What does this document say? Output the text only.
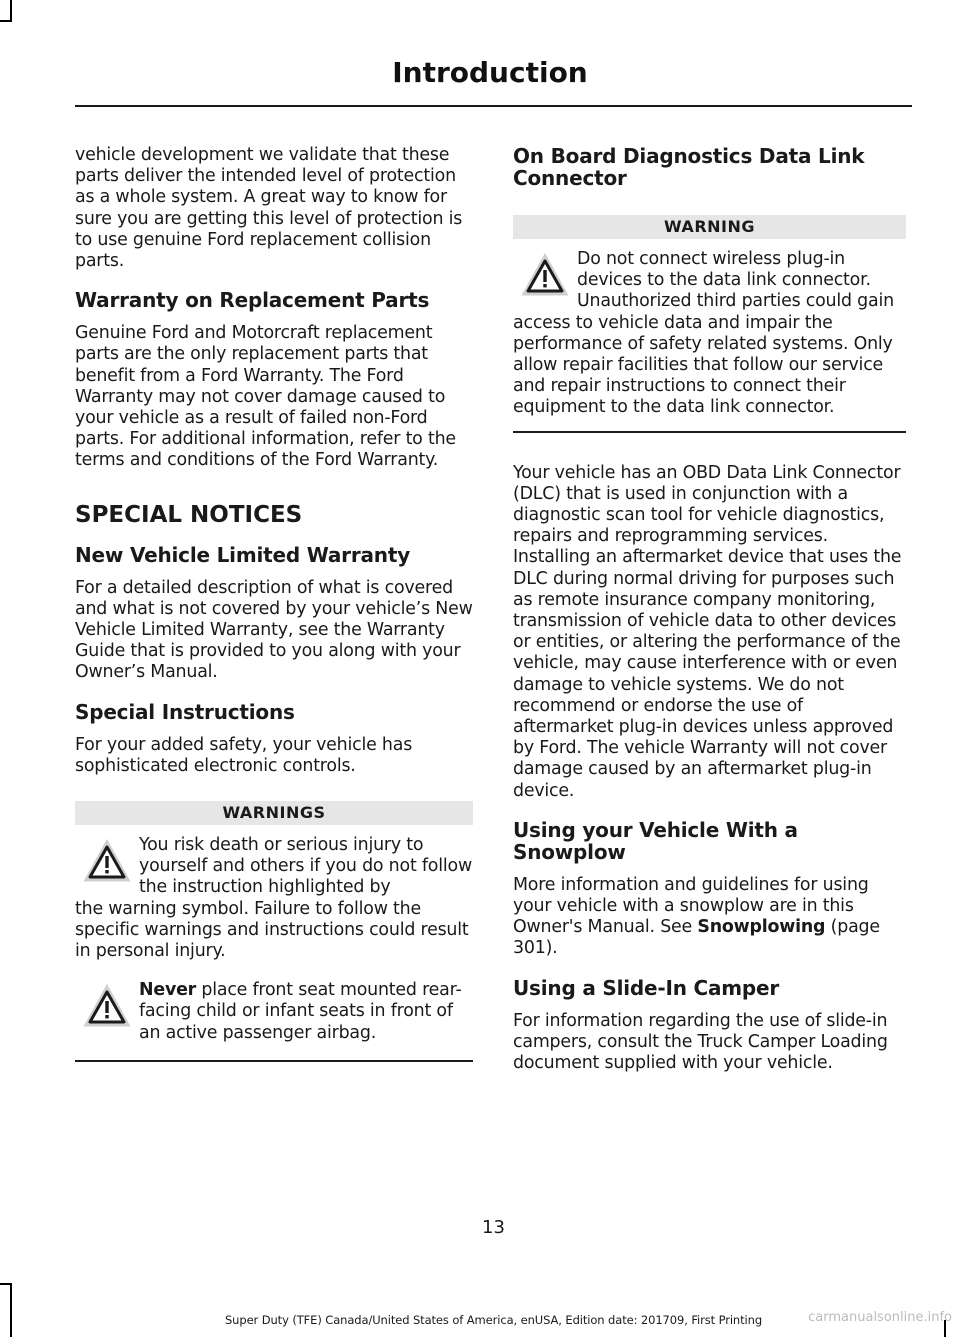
Introduction

vehicle development we validate that these parts deliver the intended level of protection as a whole system. A great way to know for sure you are getting this level of protection is to use genuine Ford replacement collision parts.

Warranty on Replacement Parts

Genuine Ford and Motorcraft replacement parts are the only replacement parts that benefit from a Ford Warranty. The Ford Warranty may not cover damage caused to your vehicle as a result of failed non-Ford parts. For additional information, refer to the terms and conditions of the Ford Warranty.

SPECIAL NOTICES
New Vehicle Limited Warranty

For a detailed description of what is covered and what is not covered by your vehicle’s New Vehicle Limited Warranty, see the Warranty Guide that is provided to you along with your Owner’s Manual.

Special Instructions

For your added safety, your vehicle has sophisticated electronic controls.

WARNINGS

You risk death or serious injury to yourself and others if you do not follow the instruction highlighted by
the warning symbol. Failure to follow the specific warnings and instructions could result in personal injury.

Never place front seat mounted rear-facing child or infant seats in front of an active passenger airbag.

On Board Diagnostics Data Link Connector
WARNING

Do not connect wireless plug-in devices to the data link connector. Unauthorized third parties could gain
access to vehicle data and impair the performance of safety related systems. Only allow repair facilities that follow our service and repair instructions to connect their equipment to the data link connector.

Your vehicle has an OBD Data Link Connector (DLC) that is used in conjunction with a diagnostic scan tool for vehicle diagnostics, repairs and reprogramming services. Installing an aftermarket device that uses the DLC during normal driving for purposes such as remote insurance company monitoring, transmission of vehicle data to other devices or entities, or altering the performance of the vehicle, may cause interference with or even damage to vehicle systems. We do not recommend or endorse the use of aftermarket plug-in devices unless approved by Ford. The vehicle Warranty will not cover damage caused by an aftermarket plug-in device.

Using your Vehicle With a Snowplow

More information and guidelines for using your vehicle with a snowplow are in this Owner's Manual. See Snowplowing (page 301).

Using a Slide-In Camper

For information regarding the use of slide-in campers, consult the Truck Camper Loading document supplied with your vehicle.

13
Super Duty (TFE) Canada/United States of America, enUSA, Edition date: 201709, First Printing	carmanualsonline.info
